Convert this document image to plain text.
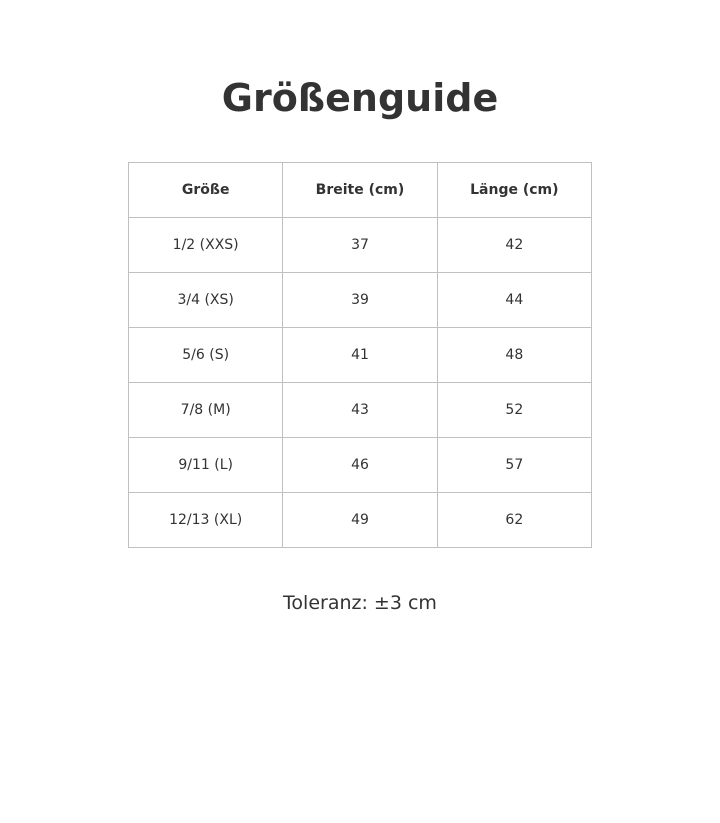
Größenguide
Größe	Breite (cm)	Länge (cm)
1/2 (XXS)	37	42
3/4 (XS)	39	44
5/6 (S)	41	48
7/8 (M)	43	52
9/11 (L)	46	57
12/13 (XL)	49	62
Toleranz: ±3 cm
